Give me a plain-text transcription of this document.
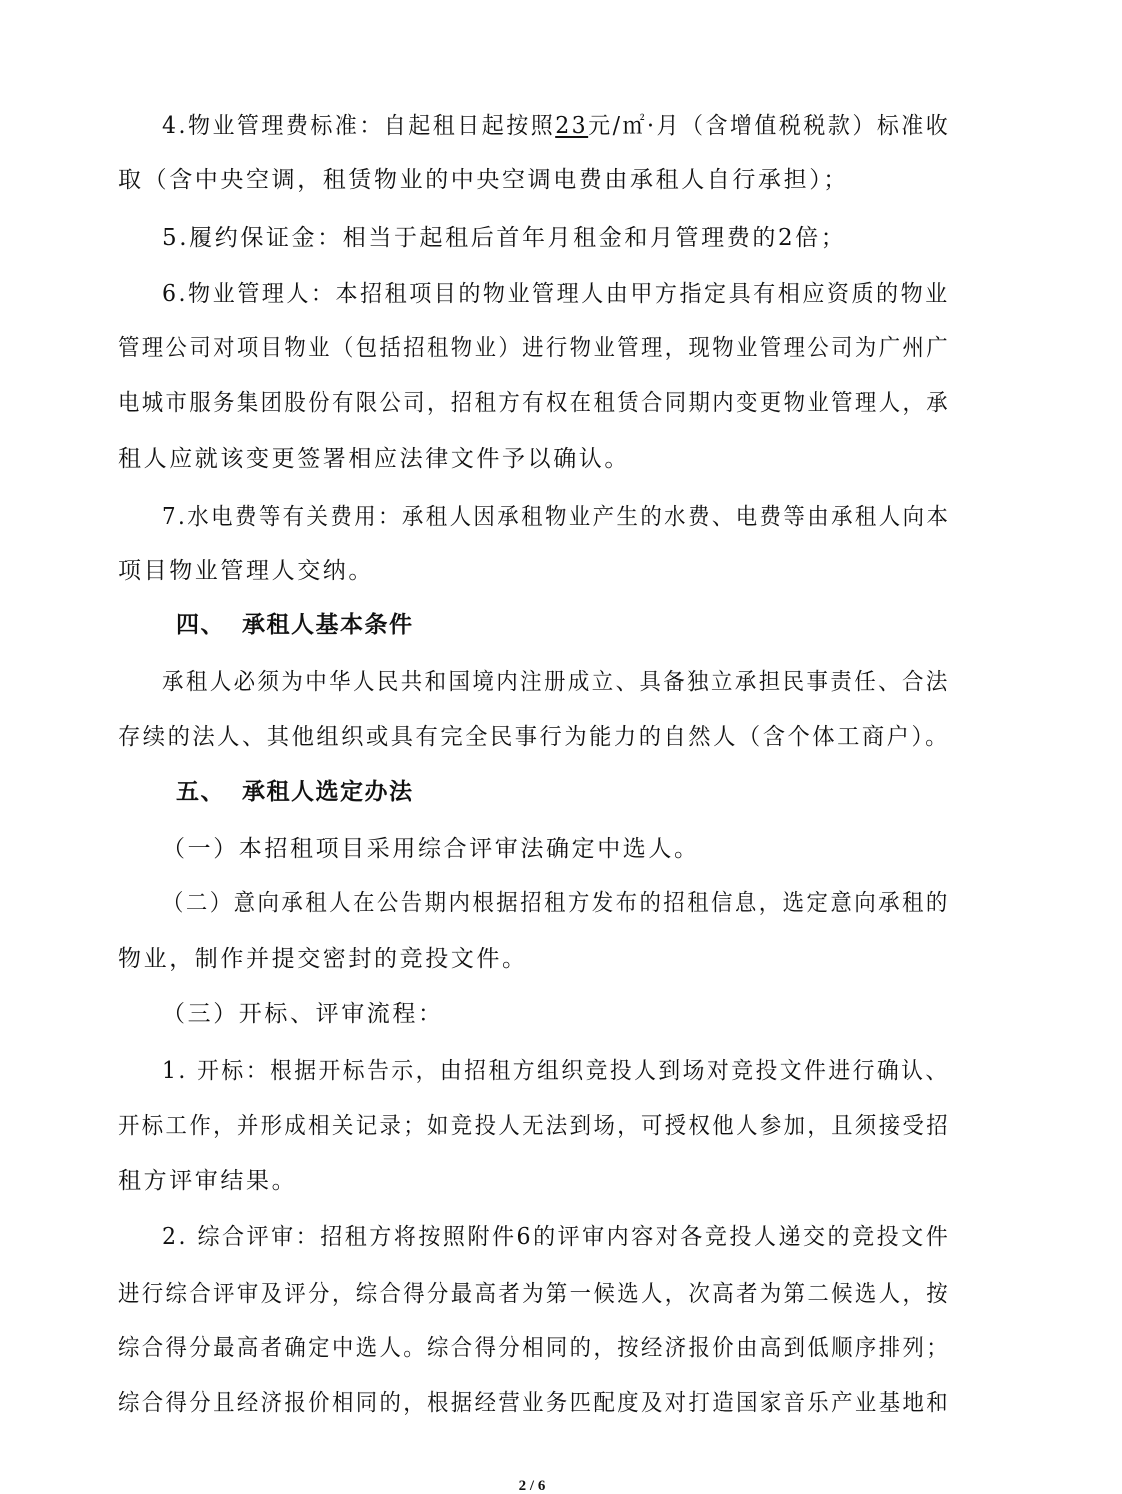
4.物业管理费标准：自起租日起按照23元/㎡·月（含增值税税款）标准收
取（含中央空调，租赁物业的中央空调电费由承租人自行承担）；
5.履约保证金：相当于起租后首年月租金和月管理费的2倍；
6.物业管理人：本招租项目的物业管理人由甲方指定具有相应资质的物业
管理公司对项目物业（包括招租物业）进行物业管理，现物业管理公司为广州广
电城市服务集团股份有限公司，招租方有权在租赁合同期内变更物业管理人，承
租人应就该变更签署相应法律文件予以确认。
7.水电费等有关费用：承租人因承租物业产生的水费、电费等由承租人向本
项目物业管理人交纳。
四、 承租人基本条件
承租人必须为中华人民共和国境内注册成立、具备独立承担民事责任、合法
存续的法人、其他组织或具有完全民事行为能力的自然人（含个体工商户）。
五、 承租人选定办法
（一）本招租项目采用综合评审法确定中选人。
（二）意向承租人在公告期内根据招租方发布的招租信息，选定意向承租的
物业，制作并提交密封的竞投文件。
（三）开标、评审流程：
1. 开标：根据开标告示，由招租方组织竞投人到场对竞投文件进行确认、
开标工作，并形成相关记录；如竞投人无法到场，可授权他人参加，且须接受招
租方评审结果。
2. 综合评审：招租方将按照附件6的评审内容对各竞投人递交的竞投文件
进行综合评审及评分，综合得分最高者为第一候选人，次高者为第二候选人，按
综合得分最高者确定中选人。综合得分相同的，按经济报价由高到低顺序排列；
综合得分且经济报价相同的，根据经营业务匹配度及对打造国家音乐产业基地和
2 / 6
